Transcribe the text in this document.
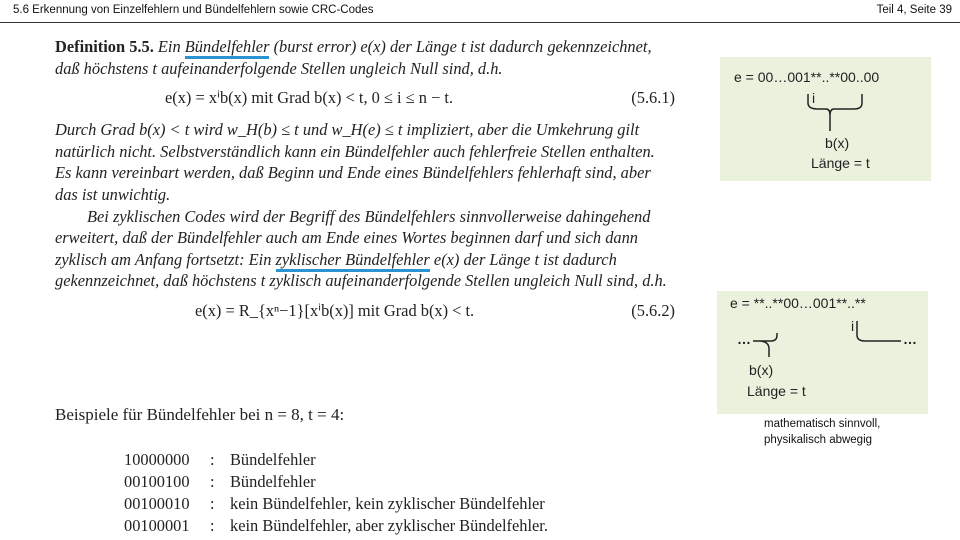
5.6 Erkennung von Einzelfehlern und Bündelfehlern sowie CRC-Codes	Teil 4, Seite 39

Definition 5.5. Ein Bündelfehler (burst error) e(x) der Länge t ist dadurch gekennzeichnet, daß höchstens t aufeinanderfolgende Stellen ungleich Null sind, d.h.

e(x) = xⁱb(x) mit Grad b(x) < t, 0 ≤ i ≤ n − t.	(5.6.1)

Durch Grad b(x) < t wird w_H(b) ≤ t und w_H(e) ≤ t impliziert, aber die Umkehrung gilt natürlich nicht. Selbstverständlich kann ein Bündelfehler auch fehlerfreie Stellen enthalten. Es kann vereinbart werden, daß Beginn und Ende eines Bündelfehlers fehlerhaft sind, aber das ist unwichtig.

Bei zyklischen Codes wird der Begriff des Bündelfehlers sinnvollerweise dahingehend erweitert, daß der Bündelfehler auch am Ende eines Wortes beginnen darf und sich dann zyklisch am Anfang fortsetzt: Ein zyklischer Bündelfehler e(x) der Länge t ist dadurch gekennzeichnet, daß höchstens t zyklisch aufeinanderfolgende Stellen ungleich Null sind, d.h.

e(x) = R_{xⁿ−1}[xⁱb(x)] mit Grad b(x) < t.	(5.6.2)
Beispiele für Bündelfehler bei n = 8, t = 4:
10000000 : Bündelfehler
00100100 : Bündelfehler
00100010 : kein Bündelfehler, kein zyklischer Bündelfehler
00100001 : kein Bündelfehler, aber zyklischer Bündelfehler.
e = 00…001**..**00..00
i
b(x)
Länge = t
e = **..**00…001**..**
…
i
…
b(x)
Länge = t
mathematisch sinnvoll,
physikalisch abwegig
